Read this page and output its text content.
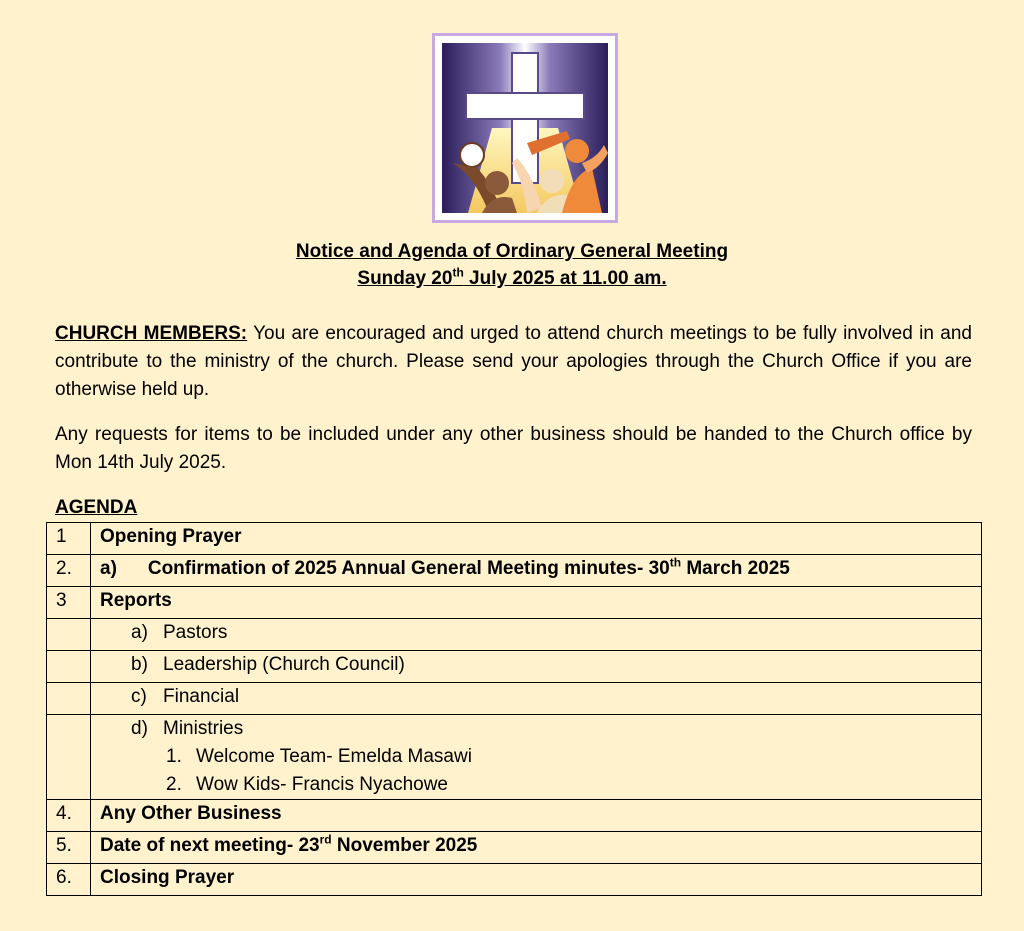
Notice and Agenda of Ordinary General Meeting
Sunday 20th July 2025 at 11.00 am.

CHURCH MEMBERS: You are encouraged and urged to attend church meetings to be fully involved in and contribute to the ministry of the church. Please send your apologies through the Church Office if you are otherwise held up.

Any requests for items to be included under any other business should be handed to the Church office by Mon 14th July 2025.

AGENDA
1	Opening Prayer
2.	a) Confirmation of 2025 Annual General Meeting minutes- 30th March 2025
3	Reports

	a) Pastors

	b) Leadership (Church Council)

	c) Financial

	d) Ministries
1. Welcome Team- Emelda Masawi
2. Wow Kids- Francis Nyachowe

4.	Any Other Business
5.	Date of next meeting- 23rd November 2025
6.	Closing Prayer
